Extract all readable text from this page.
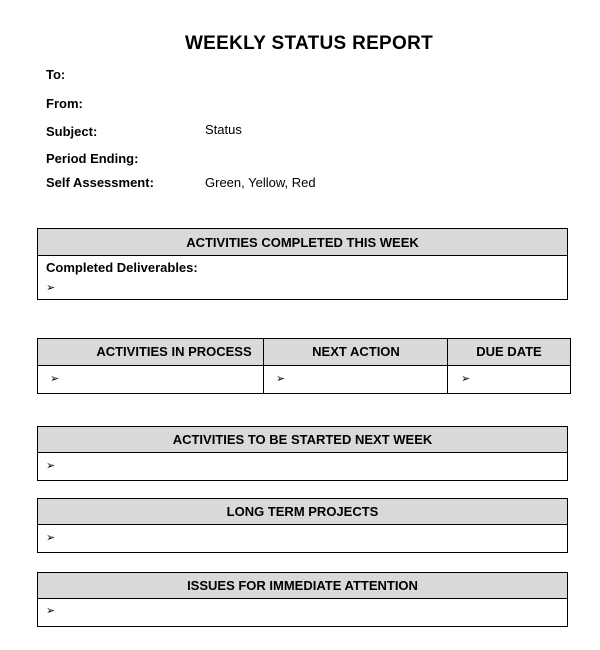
WEEKLY STATUS REPORT
To:
From:
Subject:	Status
Period Ending:
Self Assessment:	Green, Yellow, Red
ACTIVITIES COMPLETED THIS WEEK
Completed Deliverables:
➢
ACTIVITIES IN PROCESS	NEXT ACTION	DUE DATE
➢	➢	➢
ACTIVITIES TO BE STARTED NEXT WEEK
➢
LONG TERM PROJECTS
➢
ISSUES FOR IMMEDIATE ATTENTION
➢
